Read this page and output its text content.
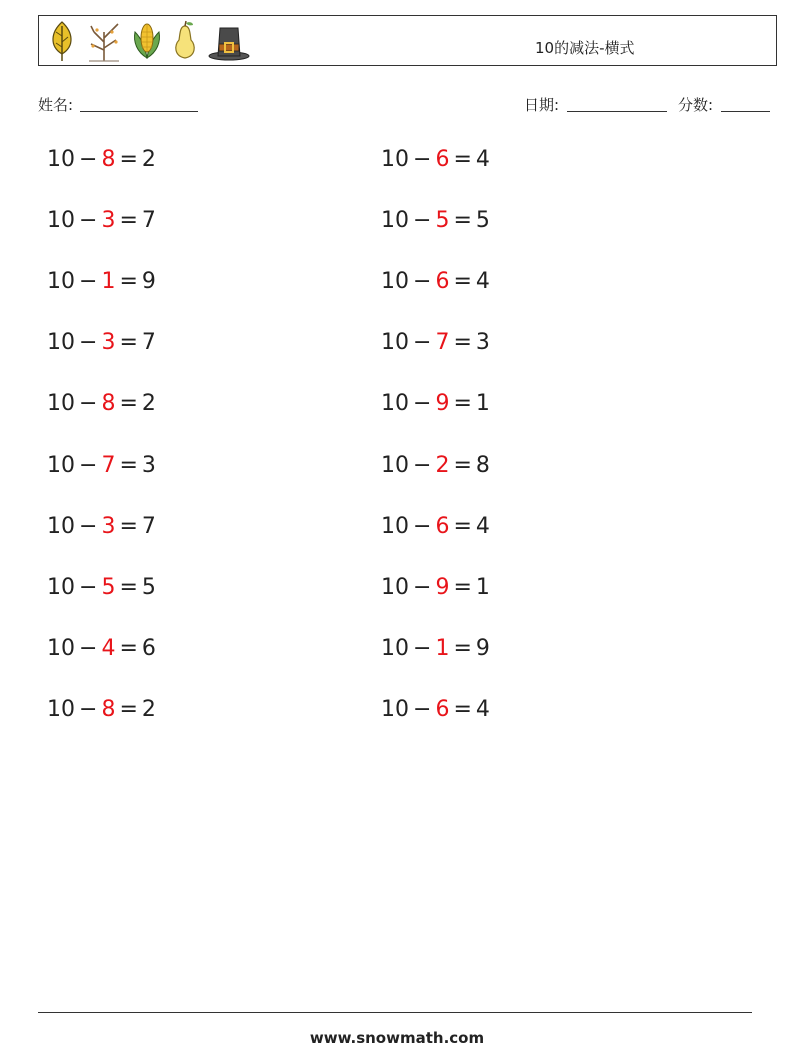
10的减法-横式
姓名:	日期:	分数:
10 − 8 = 2
10 − 3 = 7
10 − 1 = 9
10 − 3 = 7
10 − 8 = 2
10 − 7 = 3
10 − 3 = 7
10 − 5 = 5
10 − 4 = 6
10 − 8 = 2
10 − 6 = 4
10 − 5 = 5
10 − 6 = 4
10 − 7 = 3
10 − 9 = 1
10 − 2 = 8
10 − 6 = 4
10 − 9 = 1
10 − 1 = 9
10 − 6 = 4
www.snowmath.com
